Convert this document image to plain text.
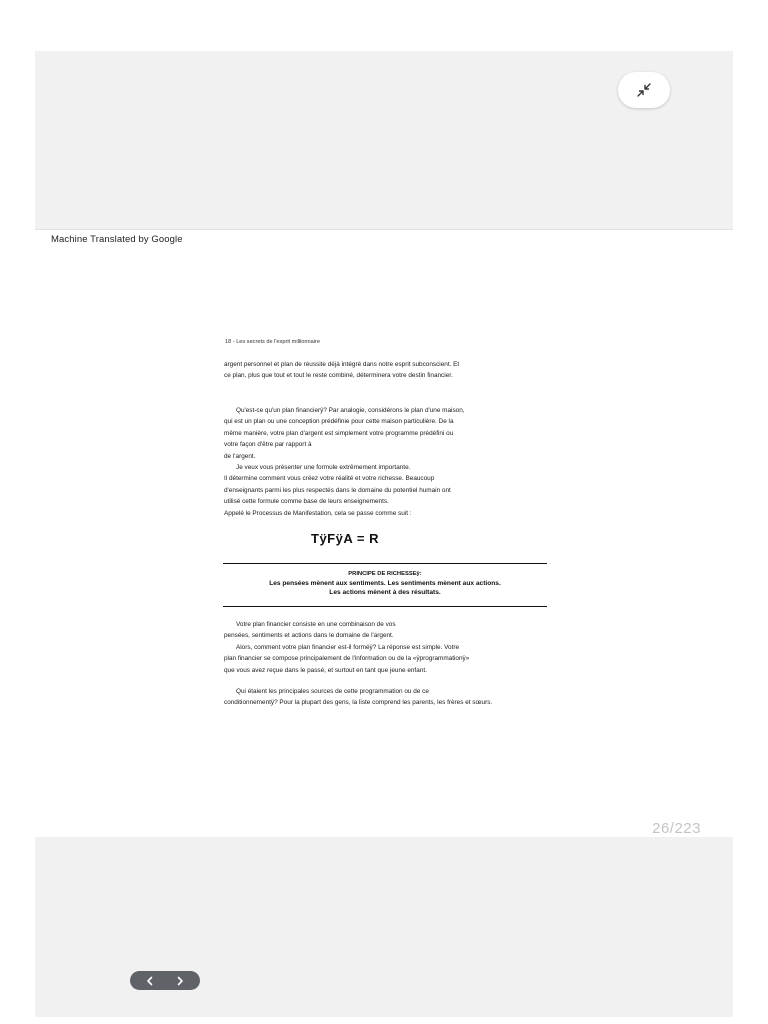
Machine Translated by Google
18 - Les secrets de l'esprit millionnaire
argent personnel et plan de réussite déjà intégré dans notre esprit subconscient. Et
ce plan, plus que tout et tout le reste combiné, déterminera votre destin financier.
Qu'est-ce qu'un plan financierÿ? Par analogie, considérons le plan d'une maison,
qui est un plan ou une conception prédéfinie pour cette maison particulière. De la
même manière, votre plan d'argent est simplement votre programme prédéfini ou
votre façon d'être par rapport à
de l'argent.
Je veux vous présenter une formule extrêmement importante.
Il détermine comment vous créez votre réalité et votre richesse. Beaucoup
d'enseignants parmi les plus respectés dans le domaine du potentiel humain ont
utilisé cette formule comme base de leurs enseignements.
Appelé le Processus de Manifestation, cela se passe comme suit :
TÿFÿA = R
PRINCIPE DE RICHESSEÿ:
Les pensées mènent aux sentiments. Les sentiments mènent aux actions.
Les actions mènent à des résultats.
Votre plan financier consiste en une combinaison de vos
pensées, sentiments et actions dans le domaine de l'argent.
Alors, comment votre plan financier est-il forméÿ? La réponse est simple. Votre
plan financier se compose principalement de l'information ou de la «ÿprogrammationÿ»
que vous avez reçue dans le passé, et surtout en tant que jeune enfant.
Qui étaient les principales sources de cette programmation ou de ce
conditionnementÿ? Pour la plupart des gens, la liste comprend les parents, les frères et sœurs.
26/223
